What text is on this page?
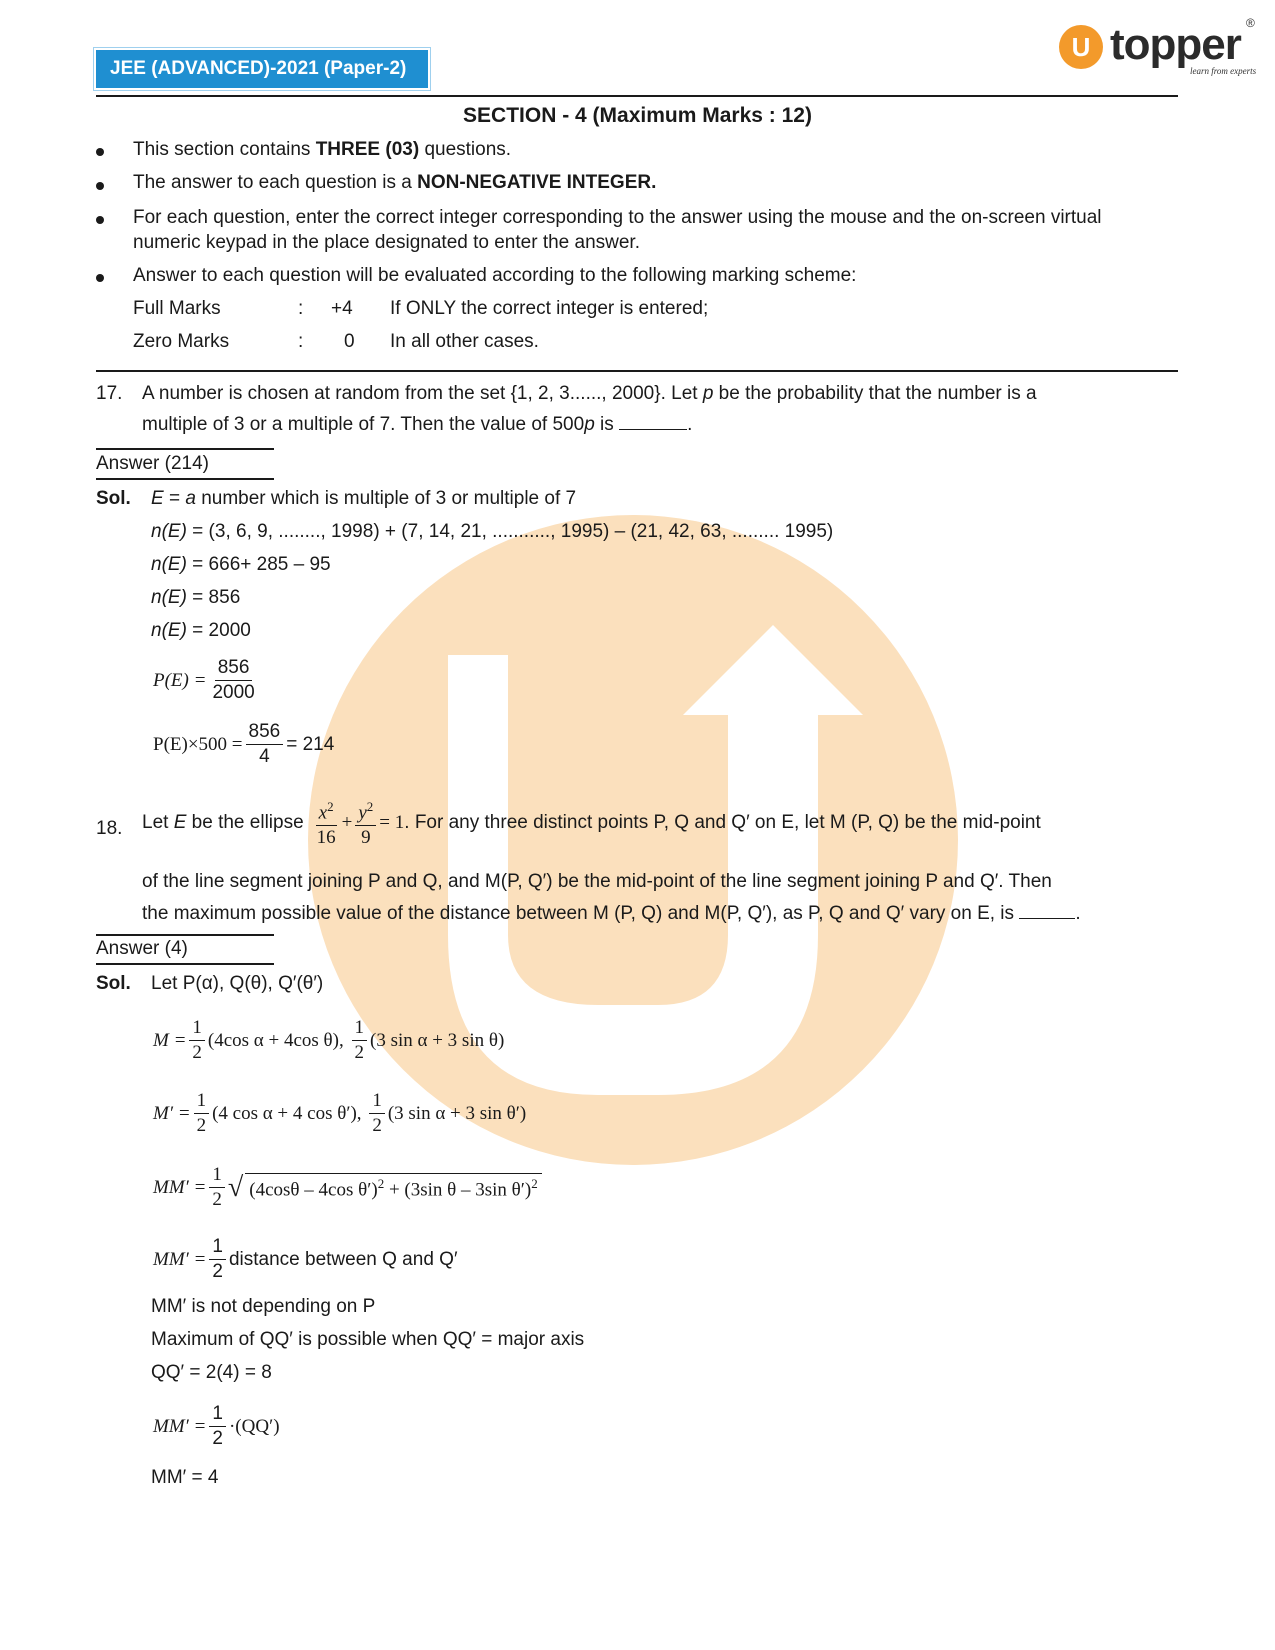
JEE (ADVANCED)-2021 (Paper-2)
U topper
learn from experts
®
SECTION - 4 (Maximum Marks : 12)
This section contains THREE (03) questions.
The answer to each question is a NON-NEGATIVE INTEGER.
For each question, enter the correct integer corresponding to the answer using the mouse and the on-screen virtual
numeric keypad in the place designated to enter the answer.
Answer to each question will be evaluated according to the following marking scheme:
Full Marks	: +4 If ONLY the correct integer is entered;
Zero Marks	: 0 In all other cases.
17. A number is chosen at random from the set {1, 2, 3......, 2000}. Let p be the probability that the number is a
multiple of 3 or a multiple of 7. Then the value of 500p is	.
Answer (214)
Sol. E = a number which is multiple of 3 or multiple of 7
n(E) = (3, 6, 9, ........, 1998) + (7, 14, 21, ..........., 1995) – (21, 42, 63, ......... 1995)
n(E) = 666+ 285 – 95
n(E) = 856
n(E) = 2000
$P(E) = \frac{856}{2000}$
$P(E)\times 500 = \frac{856}{4} = 214$
18. Let
E
be the ellipse $\frac{x^2}{16} + \frac{y^2}{9} = 1$ . For any three distinct points P, Q and Q′ on E, let M (P, Q) be the mid-point
of the line segment joining P and Q, and M(P, Q′) be the mid-point of the line segment joining P and Q′. Then
the maximum possible value of the distance between M (P, Q) and M(P, Q′), as P, Q and Q′ vary on E, is	.
Answer (4)
Sol. Let P(α), Q(θ), Q′(θ′)
$M = \frac{1}{2} (4\cos$ α + 4cos θ),
$\frac{1}{2} (3$ sin α + 3 sin θ)
$M' = \frac{1}{2} (4$ cos α + 4 cos θ′),
$\frac{1}{2} (3$ sin α + 3 sin θ′)
$MM' = \frac{1}{2}$ √ (4cosθ – 4cos θ′)$^2$ + (3sin θ – 3sin θ′)$^2$
$MM' = \frac{1}{2}$ distance between Q and Q′
MM′ is not depending on P
Maximum of QQ′ is possible when QQ′ = major axis
QQ′ = 2(4) = 8
$MM' = \frac{1}{2} \cdot(QQ')$
MM′ = 4
